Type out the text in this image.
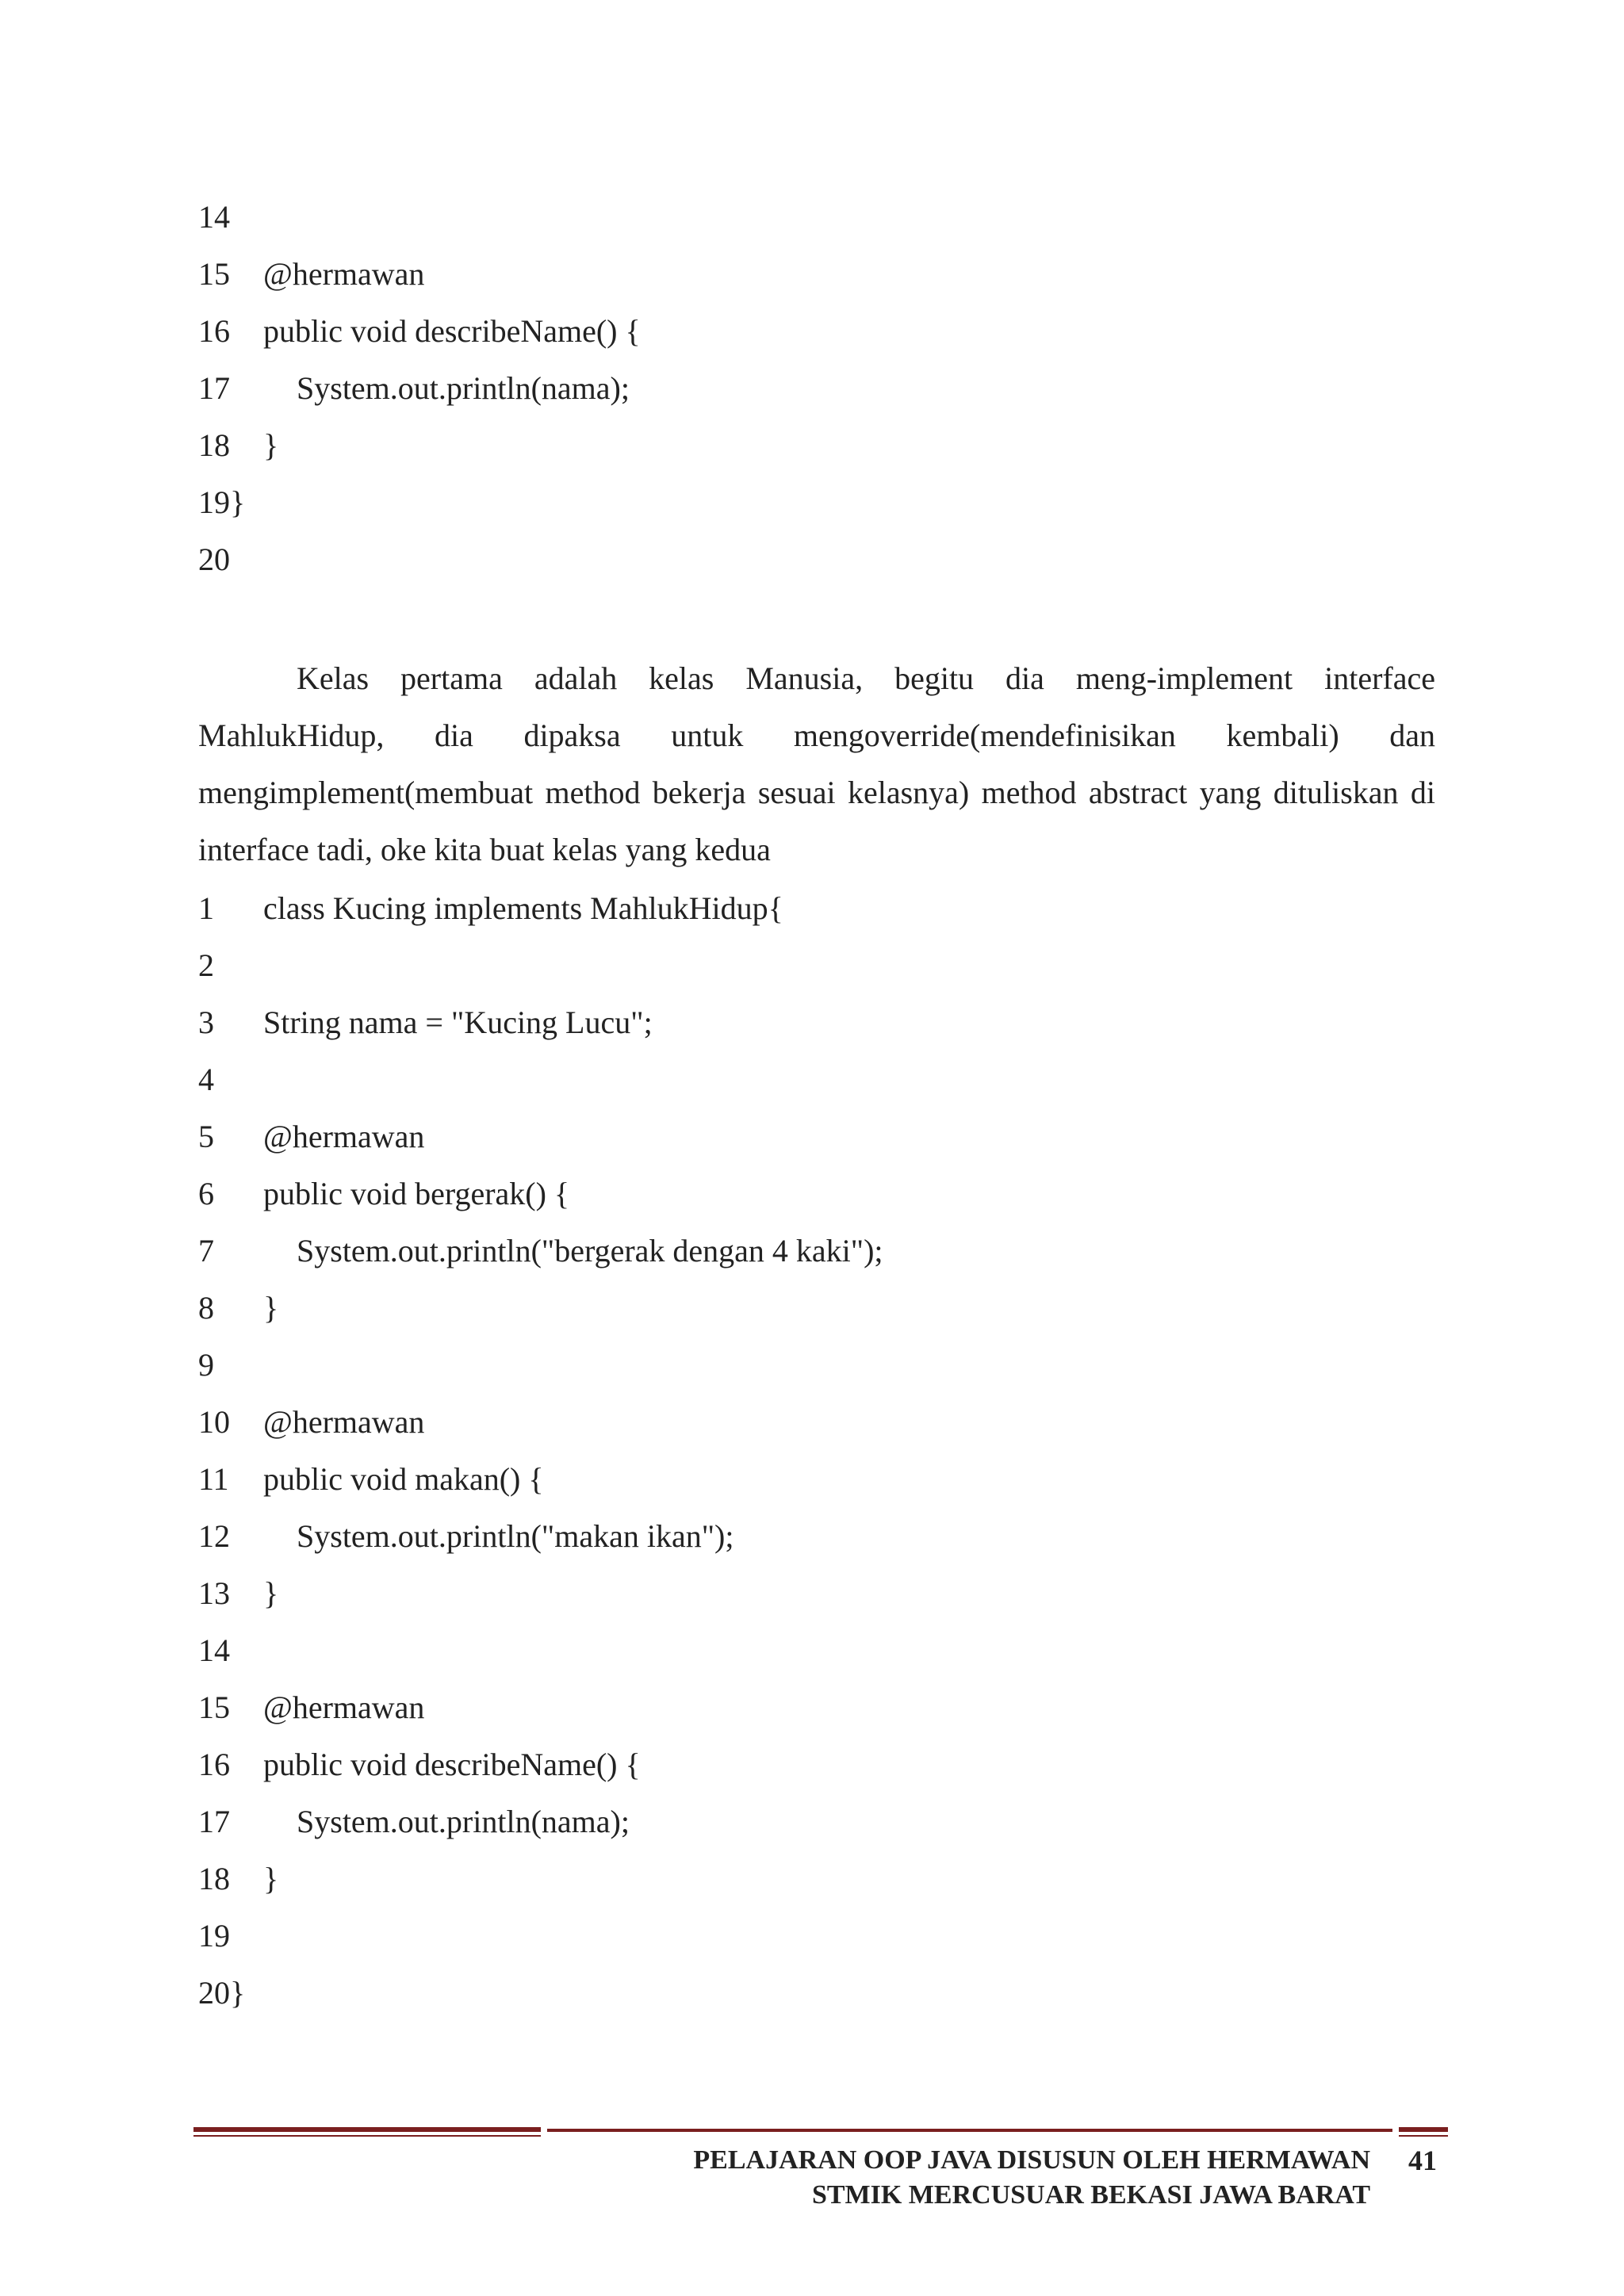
14
15	@hermawan
16	public void describeName() {
17	System.out.println(nama);
18	}
19}
20

Kelas pertama adalah kelas Manusia, begitu dia meng-implement interface MahlukHidup, dia dipaksa untuk mengoverride(mendefinisikan kembali) dan mengimplement(membuat method bekerja sesuai kelasnya) method abstract yang dituliskan di interface tadi, oke kita buat kelas yang kedua

1	class Kucing implements MahlukHidup{
2
3	String nama = "Kucing Lucu";
4
5	@hermawan
6	public void bergerak() {
7	System.out.println("bergerak dengan 4 kaki");
8	}
9
10	@hermawan
11	public void makan() {
12	System.out.println("makan ikan");
13	}
14
15	@hermawan
16	public void describeName() {
17	System.out.println(nama);
18	}
19
20}
PELAJARAN OOP JAVA DISUSUN OLEH HERMAWAN
STMIK MERCUSUAR BEKASI JAWA BARAT
41
